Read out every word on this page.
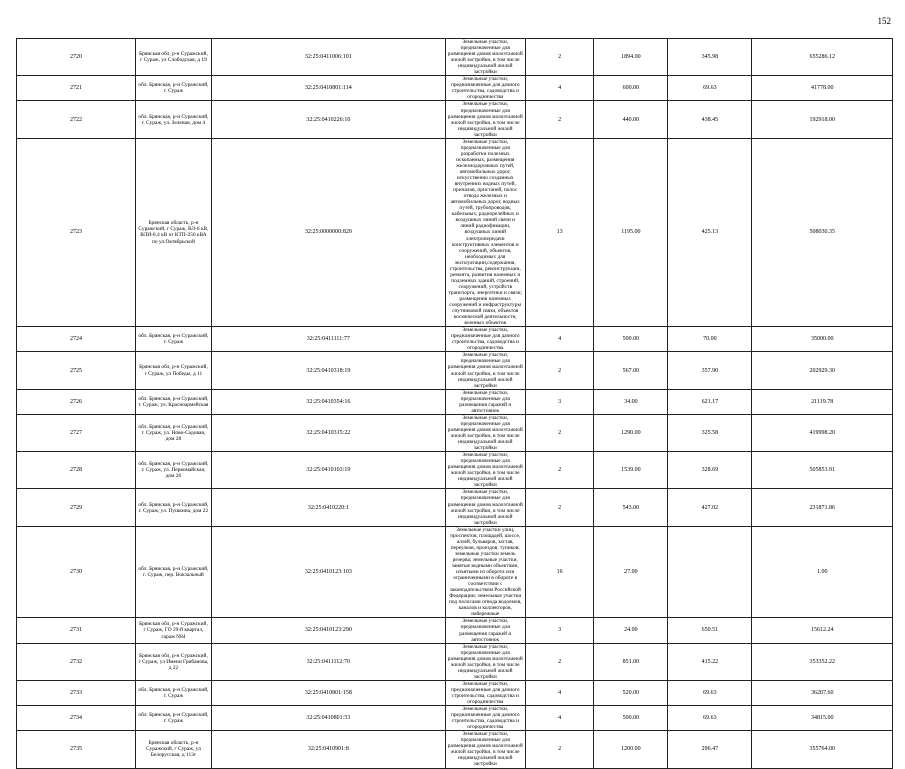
152
2720	Брянская обл, р-н Суражский, г Сураж, ул Слободская, д 19	32:25:0411006:101	Земельные участки, предназначенные для размещения домов малоэтажной жилой застройки, в том числе индивидуальной жилой застройки	2	1894.00	345.98	655286.12
2721	обл. Брянская, р-н Суражский, г. Сураж	32:25:0410801:114	Земельные участки, предназначенные для дачного строительства, садоводства и огородничества	4	600.00	69.63	41778.00
2722	обл. Брянская, р-н Суражский, г. Сураж, ул. Зеленая, дом 4	32:25:0410226:10	Земельные участки, предназначенные для размещения домов малоэтажной жилой застройки, в том числе индивидуальной жилой застройки	2	440.00	438.45	192918.00
2723	Брянская область, р-н Суражский, г Сураж, ВЛ-6 кВ, ВЛИ-0,4 кВ от КТП-250 кВА по ул.Октябрьской	32:25:0000000:820	Земельные участки, предназначенные для разработки полезных ископаемых, размещения железнодорожных путей, автомобильных дорог, искусственно созданных внутренних водных путей, причалов, пристаней, полос отвода железных и автомобильных дорог, водных путей, трубопроводов, кабельных, радиорелейных и воздушных линий связи и линий радиофикации, воздушных линий электропередачи конструктивных элементов и сооружений, объектов, необходимых для эксплуатации,содержания, строительства, реконструкции, ремонта, развития наземных и подземных зданий, строений, сооружений, устройств транспорта, энергетики и связи; размещения наземных сооружений и инфраструктуры спутниковой связи, объектов космической деятельности, военных объектов	13	1195.00	425.13	508030.35
2724	обл. Брянская, р-н Суражский, г. Сураж	32:25:0411111:77	Земельные участки, предназначенные для дачного строительства, садоводства и огородничества	4	500.00	70.00	35000.00
2725	Брянская обл, р-н Суражский, г Сураж, ул Победы, д 11	32:25:0410318:19	Земельные участки, предназначенные для размещения домов малоэтажной жилой застройки, в том числе индивидуальной жилой застройки	2	567.00	357.90	202929.30
2726	обл. Брянская, р-н Суражский, г. Сураж, ул. Красноармейская	32:25:0410354:16	Земельные участки, предназначенные для размещения гаражей и автостоянок	3	34.00	621.17	21119.78
2727	обл. Брянская, р-н Суражский, г. Сураж, ул. Ново-Садовая, дом 28	32:25:0410315:22	Земельные участки, предназначенные для размещения домов малоэтажной жилой застройки, в том числе индивидуальной жилой застройки	2	1290.00	325.58	419998.20
2728	обл. Брянская, р-н Суражский, г. Сураж, ул. Первомайская, дом 26	32:25:0410103:19	Земельные участки, предназначенные для размещения домов малоэтажной жилой застройки, в том числе индивидуальной жилой застройки	2	1539.00	328.69	505853.91
2729	обл. Брянская, р-н Суражский, г. Сураж, ул. Пушкина, дом 22	32:25:0410220:1	Земельные участки, предназначенные для размещения домов малоэтажной жилой застройки, в том числе индивидуальной жилой застройки	2	543.00	427.02	231871.86
2730	обл. Брянская, р-н Суражский, г. Сураж, пер. Вокзальный	32:25:0410123:103	Земельные участки улиц, проспектов, площадей, шоссе, аллей, бульваров, застав, переулков, проездов, тупиков; земельные участки земель резерва; земельные участки, занятые водными объектами, изъятыми из оборота или ограниченными в обороте в соответствии с законодательством Российской Федерации; земельные участки под полосами отвода водоемов, каналов и коллекторов, набережные	16	27.00		1.00
2731	Брянская обл, р-н Суражский, г Сураж, ГО 29-й квартал, гараж N84	32:25:0410123:290	Земельные участки, предназначенные для размещения гаражей и автостоянок	3	24.00	650.51	15612.24
2732	Брянская обл, р-н Суражский, г Сураж, ул Имени Грибанова, д 22	32:25:0411112:70	Земельные участки, предназначенные для размещения домов малоэтажной жилой застройки, в том числе индивидуальной жилой застройки	2	851.00	415.22	353352.22
2733	обл. Брянская, р-н Суражский, г. Сураж	32:25:0410801:158	Земельные участки, предназначенные для дачного строительства, садоводства и огородничества	4	520.00	69.63	36207.60
2734	обл. Брянская, р-н Суражский, г. Сураж	32:25:0410801:53	Земельные участки, предназначенные для дачного строительства, садоводства и огородничества	4	500.00	69.63	34815.00
2735	Брянская область, р-н Суражский, г Сураж, ул Белорусская, д 113г	32:25:0410901:8	Земельные участки, предназначенные для размещения домов малоэтажной жилой застройки, в том числе индивидуальной жилой застройки	2	1200.00	296.47	355764.00
